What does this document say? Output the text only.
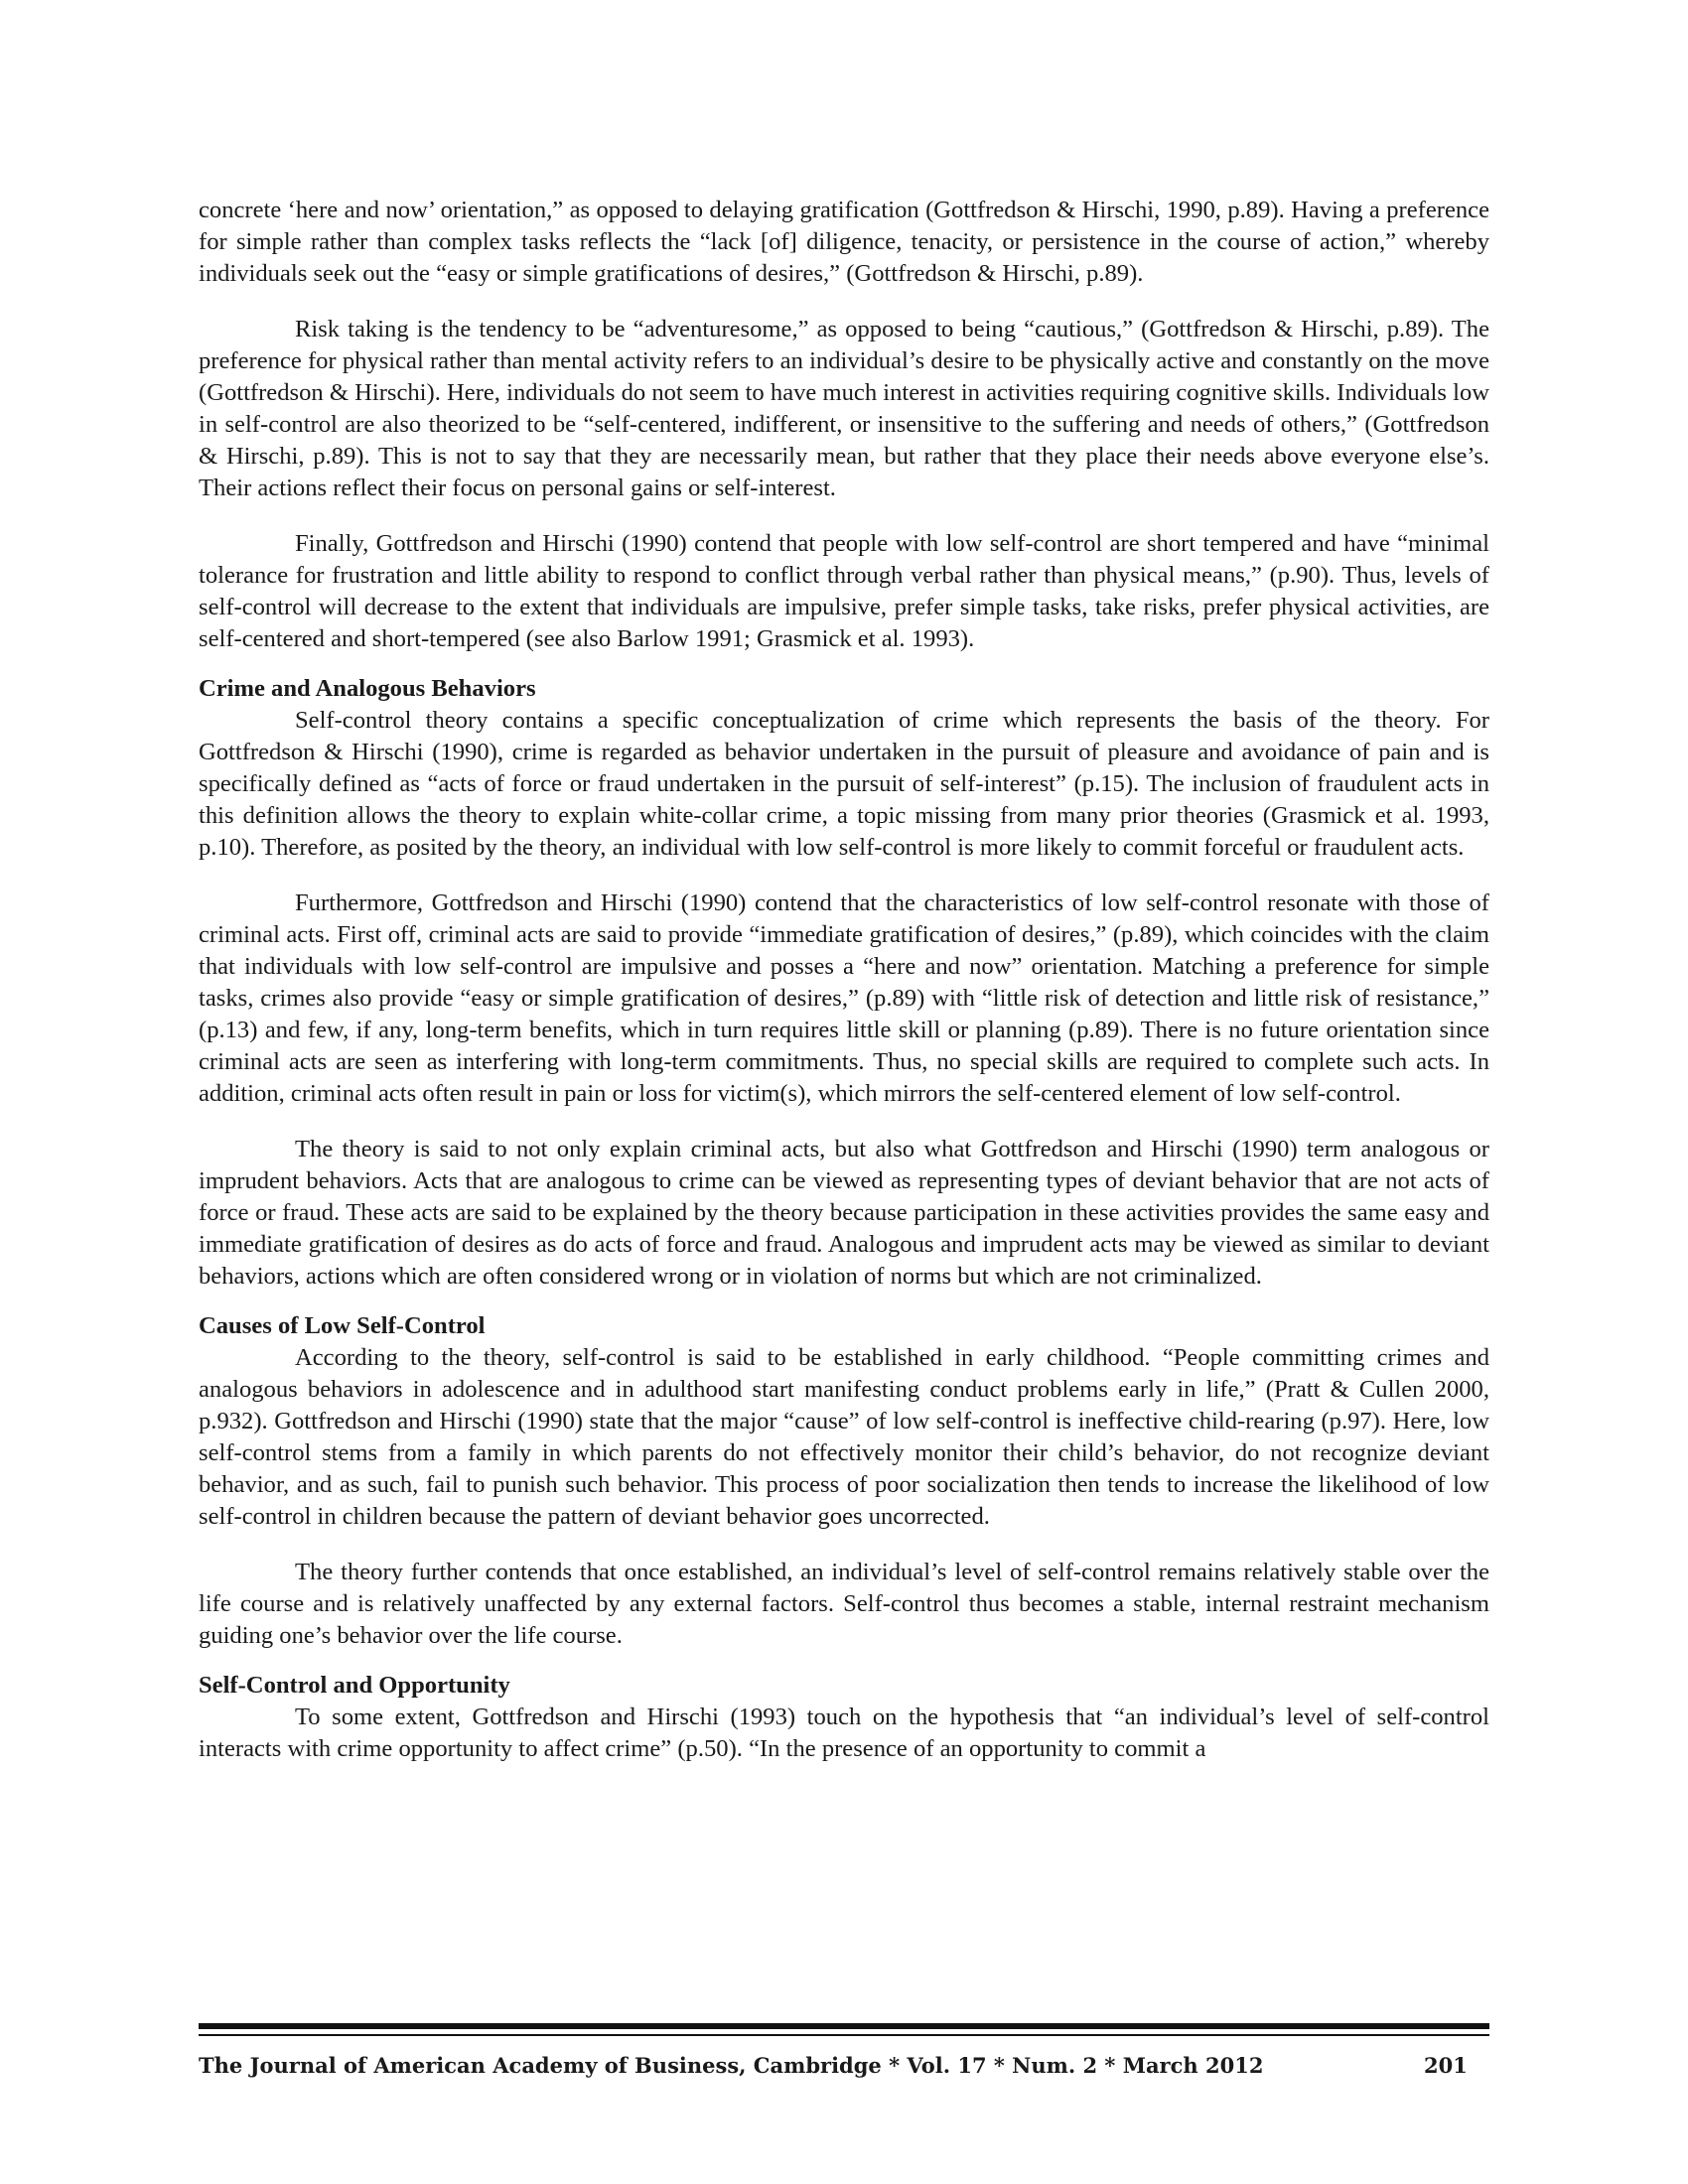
concrete ‘here and now’ orientation,” as opposed to delaying gratification (Gottfredson & Hirschi, 1990, p.89). Having a preference for simple rather than complex tasks reflects the “lack [of] diligence, tenacity, or persistence in the course of action,” whereby individuals seek out the “easy or simple gratifications of desires,” (Gottfredson & Hirschi, p.89).

Risk taking is the tendency to be “adventuresome,” as opposed to being “cautious,” (Gottfredson & Hirschi, p.89). The preference for physical rather than mental activity refers to an individual’s desire to be physically active and constantly on the move (Gottfredson & Hirschi). Here, individuals do not seem to have much interest in activities requiring cognitive skills. Individuals low in self-control are also theorized to be “self-centered, indifferent, or insensitive to the suffering and needs of others,” (Gottfredson & Hirschi, p.89). This is not to say that they are necessarily mean, but rather that they place their needs above everyone else’s. Their actions reflect their focus on personal gains or self-interest.

Finally, Gottfredson and Hirschi (1990) contend that people with low self-control are short tempered and have “minimal tolerance for frustration and little ability to respond to conflict through verbal rather than physical means,” (p.90). Thus, levels of self-control will decrease to the extent that individuals are impulsive, prefer simple tasks, take risks, prefer physical activities, are self-centered and short-tempered (see also Barlow 1991; Grasmick et al. 1993).

Crime and Analogous Behaviors

Self-control theory contains a specific conceptualization of crime which represents the basis of the theory. For Gottfredson & Hirschi (1990), crime is regarded as behavior undertaken in the pursuit of pleasure and avoidance of pain and is specifically defined as “acts of force or fraud undertaken in the pursuit of self-interest” (p.15). The inclusion of fraudulent acts in this definition allows the theory to explain white-collar crime, a topic missing from many prior theories (Grasmick et al. 1993, p.10). Therefore, as posited by the theory, an individual with low self-control is more likely to commit forceful or fraudulent acts.

Furthermore, Gottfredson and Hirschi (1990) contend that the characteristics of low self-control resonate with those of criminal acts. First off, criminal acts are said to provide “immediate gratification of desires,” (p.89), which coincides with the claim that individuals with low self-control are impulsive and posses a “here and now” orientation. Matching a preference for simple tasks, crimes also provide “easy or simple gratification of desires,” (p.89) with “little risk of detection and little risk of resistance,” (p.13) and few, if any, long-term benefits, which in turn requires little skill or planning (p.89). There is no future orientation since criminal acts are seen as interfering with long-term commitments. Thus, no special skills are required to complete such acts. In addition, criminal acts often result in pain or loss for victim(s), which mirrors the self-centered element of low self-control.

The theory is said to not only explain criminal acts, but also what Gottfredson and Hirschi (1990) term analogous or imprudent behaviors. Acts that are analogous to crime can be viewed as representing types of deviant behavior that are not acts of force or fraud. These acts are said to be explained by the theory because participation in these activities provides the same easy and immediate gratification of desires as do acts of force and fraud. Analogous and imprudent acts may be viewed as similar to deviant behaviors, actions which are often considered wrong or in violation of norms but which are not criminalized.

Causes of Low Self-Control

According to the theory, self-control is said to be established in early childhood. “People committing crimes and analogous behaviors in adolescence and in adulthood start manifesting conduct problems early in life,” (Pratt & Cullen 2000, p.932). Gottfredson and Hirschi (1990) state that the major “cause” of low self-control is ineffective child-rearing (p.97). Here, low self-control stems from a family in which parents do not effectively monitor their child’s behavior, do not recognize deviant behavior, and as such, fail to punish such behavior. This process of poor socialization then tends to increase the likelihood of low self-control in children because the pattern of deviant behavior goes uncorrected.

The theory further contends that once established, an individual’s level of self-control remains relatively stable over the life course and is relatively unaffected by any external factors. Self-control thus becomes a stable, internal restraint mechanism guiding one’s behavior over the life course.

Self-Control and Opportunity

To some extent, Gottfredson and Hirschi (1993) touch on the hypothesis that “an individual’s level of self-control interacts with crime opportunity to affect crime” (p.50). “In the presence of an opportunity to commit a

The Journal of American Academy of Business, Cambridge * Vol. 17 * Num. 2 * March 2012	201
